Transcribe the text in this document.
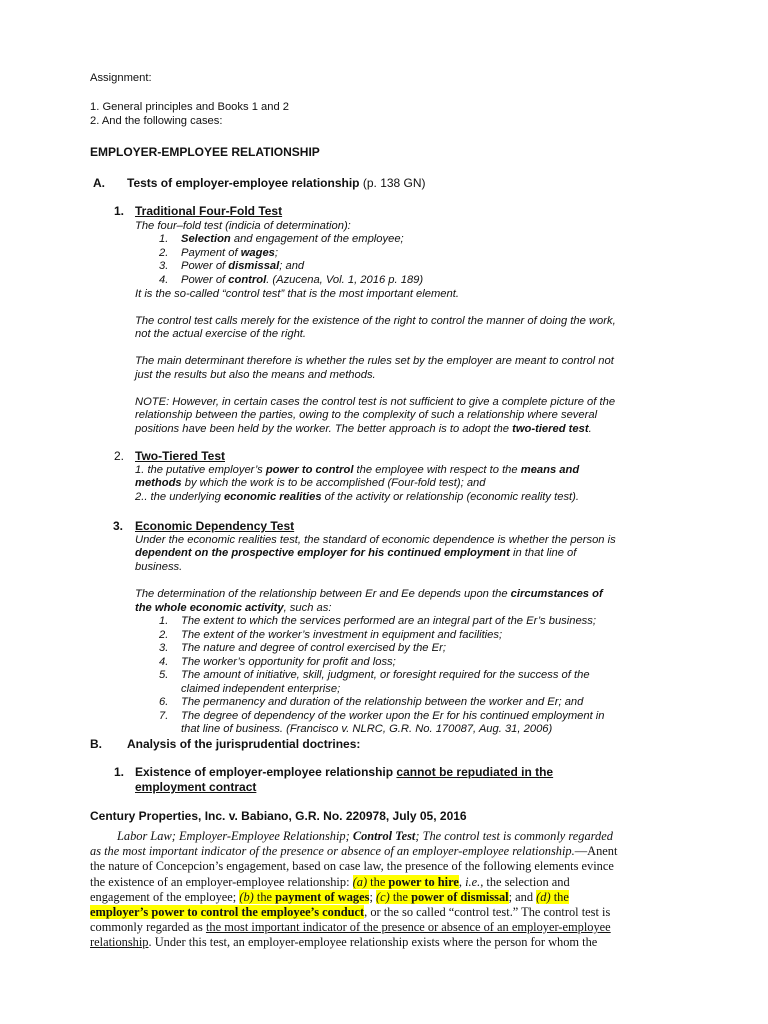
Assignment:
1. General principles and Books 1 and 2
2. And the following cases:
EMPLOYER-EMPLOYEE RELATIONSHIP
A. Tests of employer-employee relationship (p. 138 GN)
1. Traditional Four-Fold Test
The four–fold test (indicia of determination):
1. Selection and engagement of the employee;
2. Payment of wages;
3. Power of dismissal; and
4. Power of control. (Azucena, Vol. 1, 2016 p. 189)
It is the so-called “control test” that is the most important element.
The control test calls merely for the existence of the right to control the manner of doing the work,
not the actual exercise of the right.
The main determinant therefore is whether the rules set by the employer are meant to control not
just the results but also the means and methods.
NOTE: However, in certain cases the control test is not sufficient to give a complete picture of the
relationship between the parties, owing to the complexity of such a relationship where several
positions have been held by the worker. The better approach is to adopt the two-tiered test.
2. Two-Tiered Test
1. the putative employer’s power to control the employee with respect to the means and
methods by which the work is to be accomplished (Four-fold test); and
2.. the underlying economic realities of the activity or relationship (economic reality test).
3. Economic Dependency Test
Under the economic realities test, the standard of economic dependence is whether the person is
dependent on the prospective employer for his continued employment in that line of
business.
The determination of the relationship between Er and Ee depends upon the circumstances of
the whole economic activity, such as:
1. The extent to which the services performed are an integral part of the Er’s business;
2. The extent of the worker’s investment in equipment and facilities;
3. The nature and degree of control exercised by the Er;
4. The worker’s opportunity for profit and loss;
5. The amount of initiative, skill, judgment, or foresight required for the success of the
claimed independent enterprise;
6. The permanency and duration of the relationship between the worker and Er; and
7. The degree of dependency of the worker upon the Er for his continued employment in
that line of business. (Francisco v. NLRC, G.R. No. 170087, Aug. 31, 2006)
B. Analysis of the jurisprudential doctrines:
1. Existence of employer-employee relationship cannot be repudiated in the
employment contract
Century Properties, Inc. v. Babiano, G.R. No. 220978, July 05, 2016
Labor Law; Employer-Employee Relationship; Control Test; The control test is commonly regarded
as the most important indicator of the presence or absence of an employer-employee relationship.—Anent
the nature of Concepcion’s engagement, based on case law, the presence of the following elements evince
the existence of an employer-employee relationship: (a) the power to hire, i.e., the selection and
engagement of the employee; (b) the payment of wages; (c) the power of dismissal; and (d) the
employer’s power to control the employee’s conduct, or the so called “control test.” The control test is
commonly regarded as the most important indicator of the presence or absence of an employer-employee
relationship. Under this test, an employer-employee relationship exists where the person for whom the
